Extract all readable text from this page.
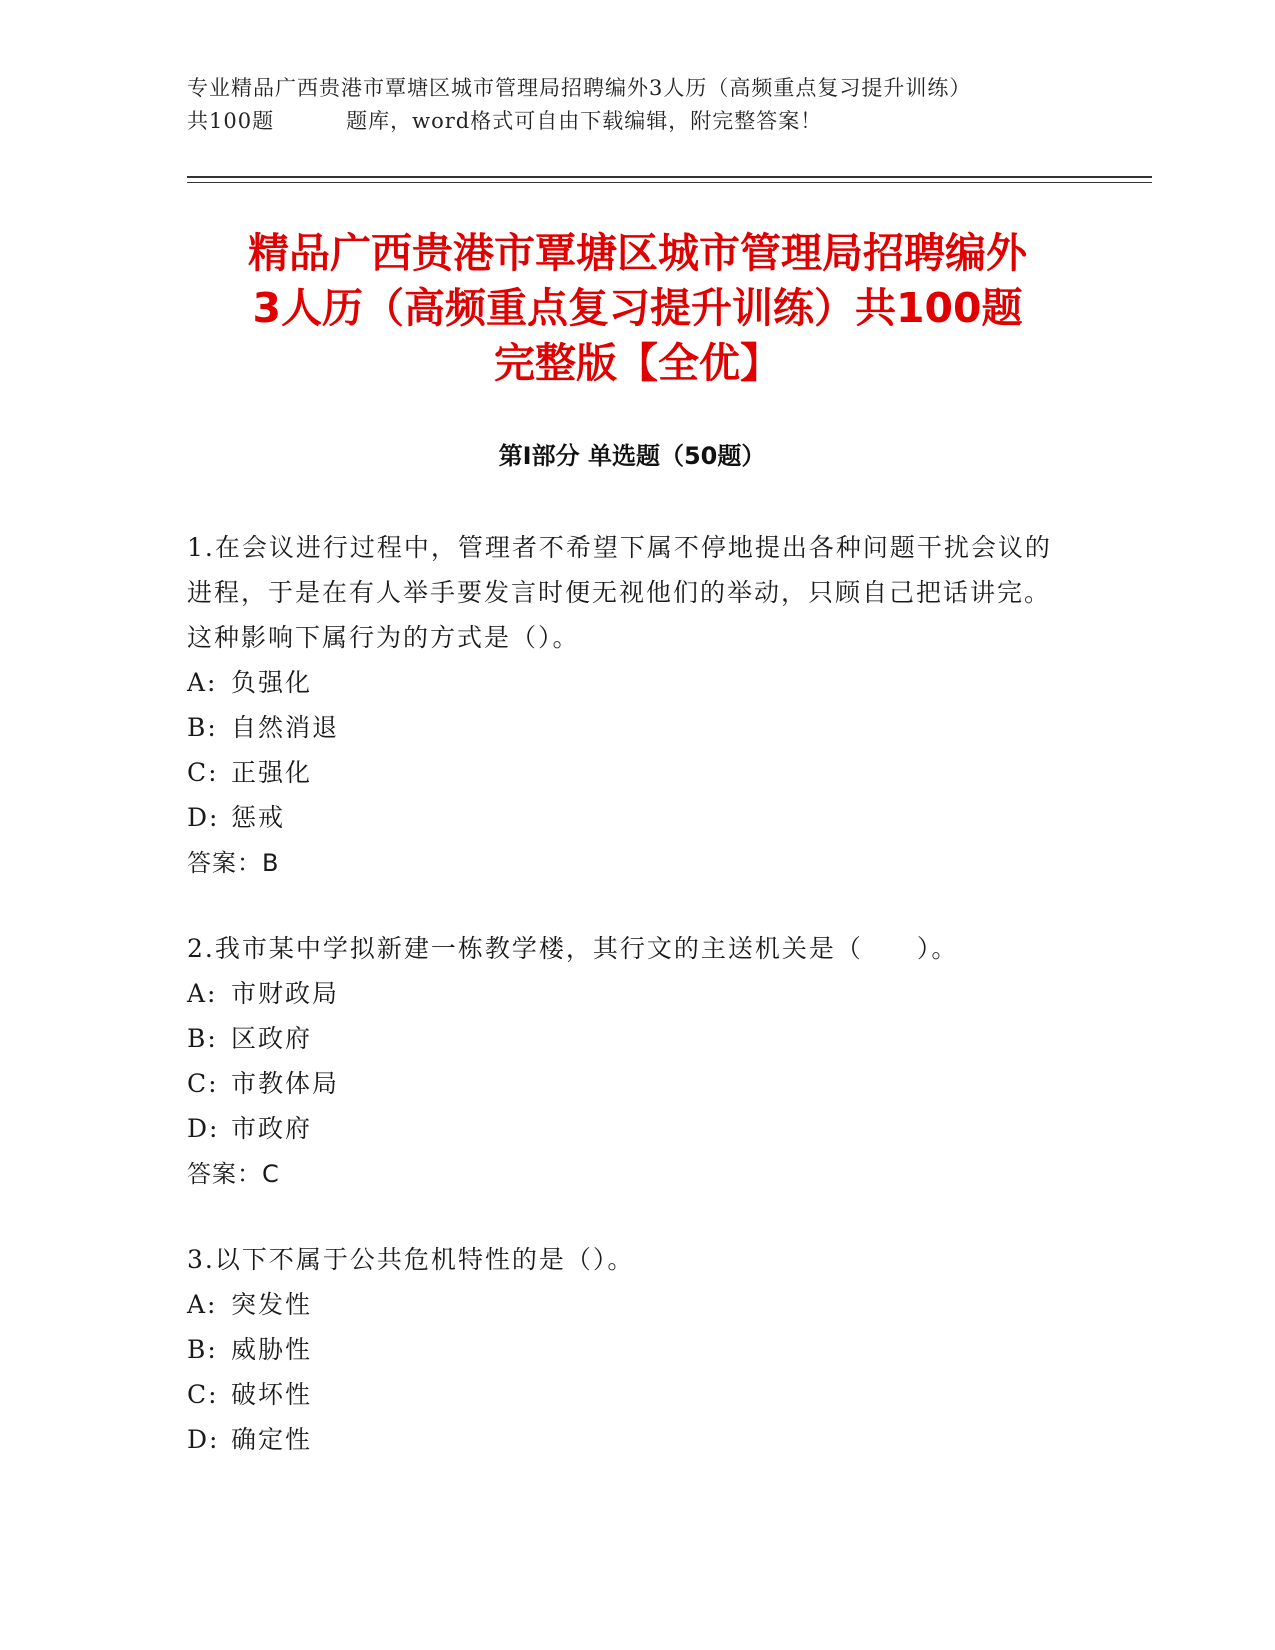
专业精品广西贵港市覃塘区城市管理局招聘编外3人历（高频重点复习提升训练）
共100题	题库，word格式可自由下载编辑，附完整答案！
精品广西贵港市覃塘区城市管理局招聘编外
3人历（高频重点复习提升训练）共100题
完整版【全优】
第Ⅰ部分 单选题（50题）

1.在会议进行过程中，管理者不希望下属不停地提出各种问题干扰会议的进程，于是在有人举手要发言时便无视他们的举动，只顾自己把话讲完。这种影响下属行为的方式是（）。

A: 负强化
B: 自然消退
C: 正强化
D: 惩戒
答案：B

2.我市某中学拟新建一栋教学楼，其行文的主送机关是（　　）。

A: 市财政局
B: 区政府
C: 市教体局
D: 市政府
答案：C

3.以下不属于公共危机特性的是（）。

A: 突发性
B: 威胁性
C: 破坏性
D: 确定性
